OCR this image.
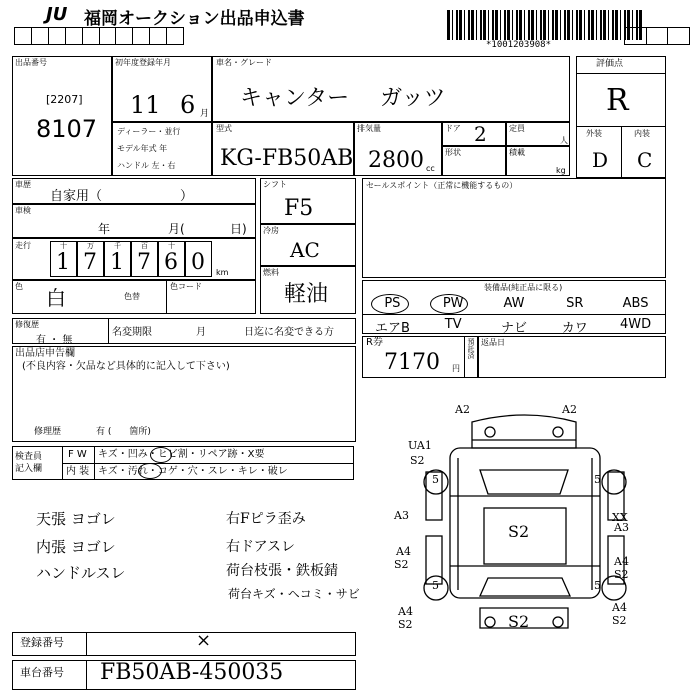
JU 福岡オークション出品申込書
*1001203908*
出品番号
[2207]
8107
初年度登録年月
11 6 月
ディーラー・並行
モデル年式 年
ハンドル 左・右
車名・グレード
キャンター ガッツ
評価点
R
外装	内装
D C
型式
KG-FB50AB
排気量
2800 cc
ドア 2	定員
人
形状	積載
kg
車歴
自家用（　　　　　　）
車検
年	月(	日)
走行	十
1
万
7
千
1
百
7
十
6 0	km
色 白	色替
色コード
シフト
F5
冷房
AC
燃料
軽油
セールスポイント（正常に機能するもの）
装備品(純正品に限る)
PS	PW	AW	SR	ABS
エアB	TV	ナビ	カワ	4WD
R券
7170 円
預託済 返品日
修復歴
有 ・ 無
名変期限	月	日迄に名変できる方
出品店申告欄
(不良内容・欠品など具体的に記入して下さい)
修理歴	有 (　　箇所)
検査員 記入欄
F W キズ・凹み・ヒビ割・リペア跡・X要
内 装 キズ・汚れ・コゲ・穴・スレ・キレ・破レ
天張 ヨゴレ
内張 ヨゴレ
ハンドルスレ
右Fピラ歪み
右ドアスレ
荷台枝張・鉄板錆
荷台キズ・ヘコミ・サビ
A2	A2
UA1
S2
5	5
A3	XX
A3
A4
S2	A4
S2
5	5
S2
A4
S2
A4
S2
S2
登録番号	×
車台番号 FB50AB-450035
